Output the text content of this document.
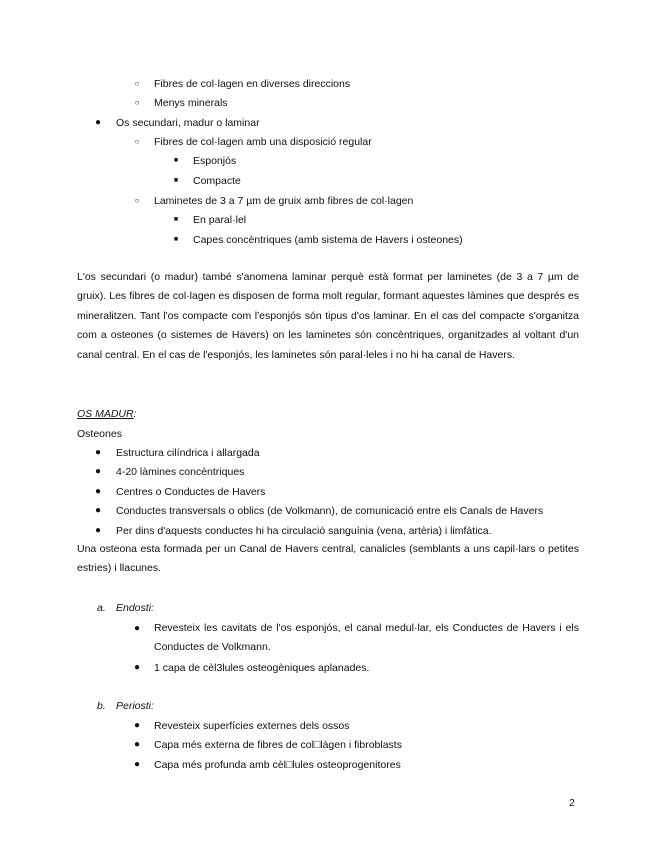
○	Fibres de col·lagen en diverses direccions
○	Menys minerals
● Os secundari, madur o laminar
○	Fibres de col·lagen amb una disposició regular
■	Esponjós
■	Compacte
○	Laminetes de 3 a 7 µm de gruix amb fibres de col·lagen
■	En paral·lel
■	Capes concèntriques (amb sistema de Havers i osteones)
L'os secundari (o madur) també s'anomena laminar perquè està format per laminetes (de 3 a 7 µm de gruix). Les fibres de col·lagen es disposen de forma molt regular, formant aquestes làmines que després es mineralitzen. Tant l'os compacte com l'esponjós són tipus d'os laminar. En el cas del compacte s'organitza com a osteones (o sistemes de Havers) on les laminetes són concèntriques, organitzades al voltant d'un canal central. En el cas de l'esponjós, les laminetes són paral·leles i no hi ha canal de Havers.
OS MADUR:
Osteones
● Estructura cilíndrica i allargada
● 4-20 làmines concèntriques
● Centres o Conductes de Havers
● Conductes transversals o oblics (de Volkmann), de comunicació entre els Canals de Havers
● Per dins d'aquests conductes hi ha circulació sanguínia (vena, artèria) i limfàtica.
Una osteona esta formada per un Canal de Havers central, canalicles (semblants a uns capil·lars o petites estries) i llacunes.
a. Endosti:
● Revesteix les cavitats de l'os esponjós, el canal medul·lar, els Conductes de Havers i els Conductes de Volkmann.
● 1 capa de cèl3lules osteogèniques aplanades.
b. Periosti:
● Revesteix superfícies externes dels ossos
● Capa més externa de fibres de col□làgen i fibroblasts
● Capa més profunda amb cèl□lules osteoprogenitores
2
